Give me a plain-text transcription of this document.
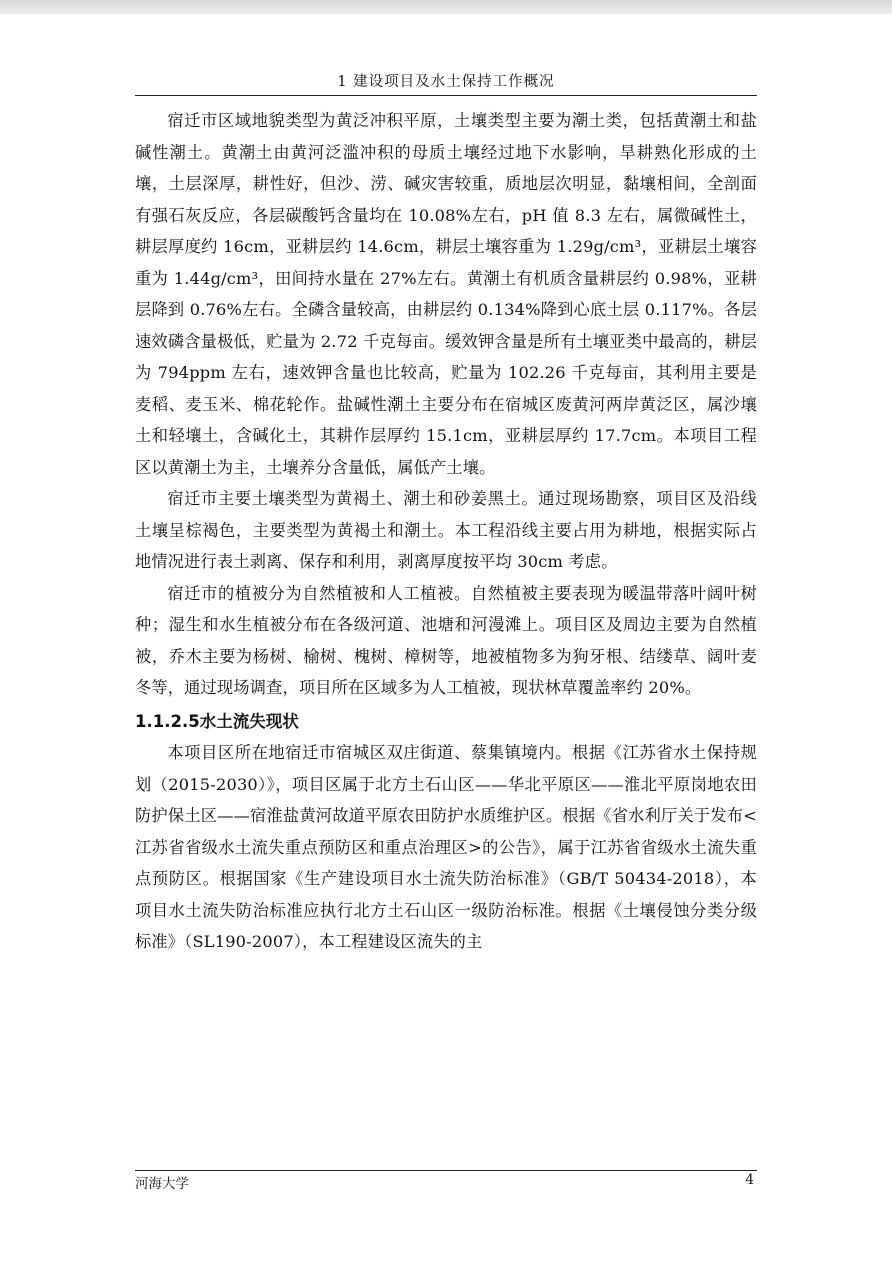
1 建设项目及水土保持工作概况

宿迁市区域地貌类型为黄泛冲积平原，土壤类型主要为潮土类，包括黄潮土和盐碱性潮土。黄潮土由黄河泛滥冲积的母质土壤经过地下水影响，旱耕熟化形成的土壤，土层深厚，耕性好，但沙、涝、碱灾害较重，质地层次明显，黏壤相间，全剖面有强石灰反应，各层碳酸钙含量均在 10.08%左右，pH 值 8.3 左右，属微碱性土，耕层厚度约 16cm，亚耕层约 14.6cm，耕层土壤容重为 1.29g/cm³，亚耕层土壤容重为 1.44g/cm³，田间持水量在 27%左右。黄潮土有机质含量耕层约 0.98%，亚耕层降到 0.76%左右。全磷含量较高，由耕层约 0.134%降到心底土层 0.117%。各层速效磷含量极低，贮量为 2.72 千克每亩。缓效钾含量是所有土壤亚类中最高的，耕层为 794ppm 左右，速效钾含量也比较高，贮量为 102.26 千克每亩，其利用主要是麦稻、麦玉米、棉花轮作。盐碱性潮土主要分布在宿城区废黄河两岸黄泛区，属沙壤土和轻壤土，含碱化土，其耕作层厚约 15.1cm，亚耕层厚约 17.7cm。本项目工程区以黄潮土为主，土壤养分含量低，属低产土壤。

宿迁市主要土壤类型为黄褐土、潮土和砂姜黑土。通过现场勘察，项目区及沿线土壤呈棕褐色，主要类型为黄褐土和潮土。本工程沿线主要占用为耕地，根据实际占地情况进行表土剥离、保存和利用，剥离厚度按平均 30cm 考虑。

宿迁市的植被分为自然植被和人工植被。自然植被主要表现为暖温带落叶阔叶树种；湿生和水生植被分布在各级河道、池塘和河漫滩上。项目区及周边主要为自然植被，乔木主要为杨树、榆树、槐树、樟树等，地被植物多为狗牙根、结缕草、阔叶麦冬等，通过现场调查，项目所在区域多为人工植被，现状林草覆盖率约 20%。

1.1.2.5水土流失现状

本项目区所在地宿迁市宿城区双庄街道、蔡集镇境内。根据《江苏省水土保持规划（2015-2030）》，项目区属于北方土石山区——华北平原区——淮北平原岗地农田防护保土区——宿淮盐黄河故道平原农田防护水质维护区。根据《省水利厅关于发布<江苏省省级水土流失重点预防区和重点治理区>的公告》，属于江苏省省级水土流失重点预防区。根据国家《生产建设项目水土流失防治标准》（GB/T 50434-2018），本项目水土流失防治标准应执行北方土石山区一级防治标准。根据《土壤侵蚀分类分级标准》（SL190-2007），本工程建设区流失的主

河海大学	4
